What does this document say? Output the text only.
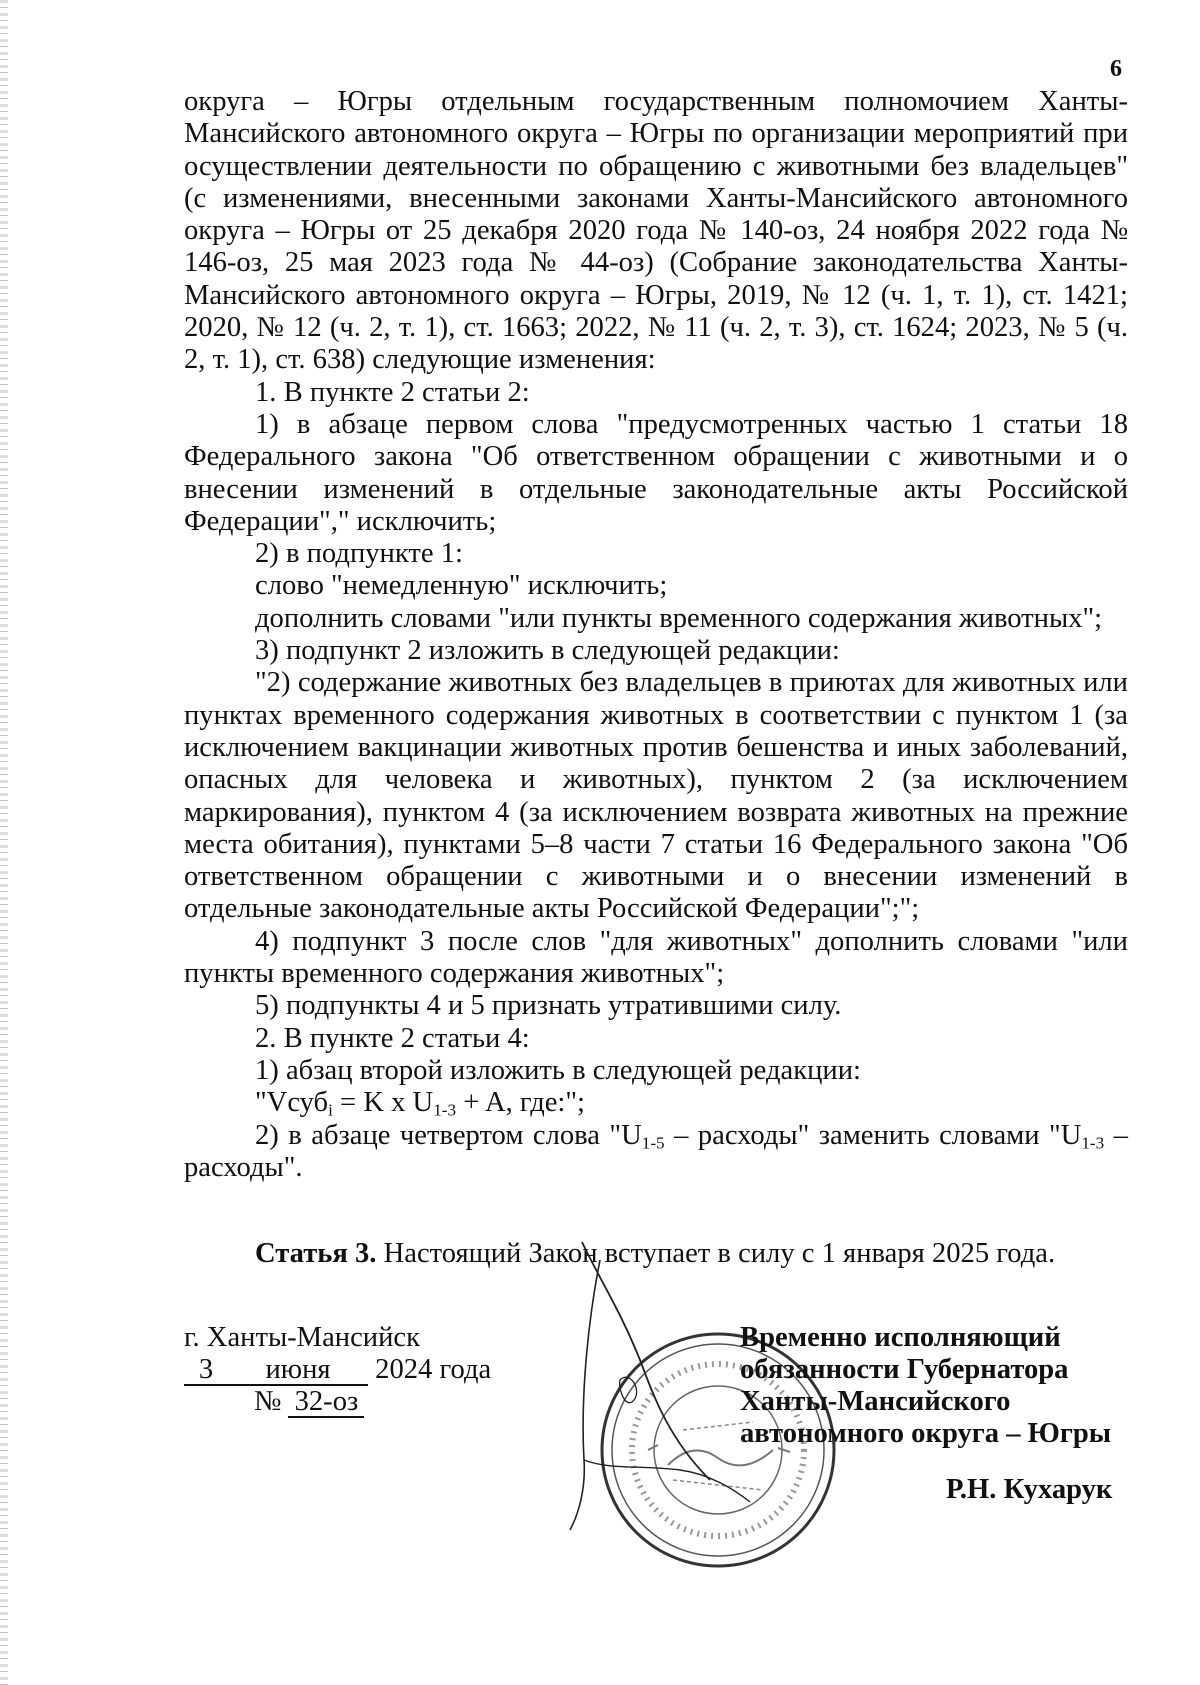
6

округа – Югры отдельным государственным полномочием Ханты-Мансийского автономного округа – Югры по организации мероприятий при осуществлении деятельности по обращению с животными без владельцев" (с изменениями, внесенными законами Ханты-Мансийского автономного округа – Югры от 25 декабря 2020 года № 140-оз, 24 ноября 2022 года № 146-оз, 25 мая 2023 года № 44-оз) (Собрание законодательства Ханты-Мансийского автономного округа – Югры, 2019, № 12 (ч. 1, т. 1), ст. 1421; 2020, № 12 (ч. 2, т. 1), ст. 1663; 2022, № 11 (ч. 2, т. 3), ст. 1624; 2023, № 5 (ч. 2, т. 1), ст. 638) следующие изменения:

1. В пункте 2 статьи 2:

1) в абзаце первом слова "предусмотренных частью 1 статьи 18 Федерального закона "Об ответственном обращении с животными и о внесении изменений в отдельные законодательные акты Российской Федерации"," исключить;

2) в подпункте 1:

слово "немедленную" исключить;

дополнить словами "или пункты временного содержания животных";

3) подпункт 2 изложить в следующей редакции:

"2) содержание животных без владельцев в приютах для животных или пунктах временного содержания животных в соответствии с пунктом 1 (за исключением вакцинации животных против бешенства и иных заболеваний, опасных для человека и животных), пунктом 2 (за исключением маркирования), пунктом 4 (за исключением возврата животных на прежние места обитания), пунктами 5–8 части 7 статьи 16 Федерального закона "Об ответственном обращении с животными и о внесении изменений в отдельные законодательные акты Российской Федерации";";

4) подпункт 3 после слов "для животных" дополнить словами "или пункты временного содержания животных";

5) подпункты 4 и 5 признать утратившими силу.

2. В пункте 2 статьи 4:

1) абзац второй изложить в следующей редакции:

"Vсуб$_i$ = K x $U_{1-3} + A$, где:";

2) в абзаце четвертом слова "$U_{1-5}$ – расходы" заменить словами "$U_{1-3}$ – расходы".

Статья 3. Настоящий Закон вступает в силу с 1 января 2025 года.
г. Ханты-Мансийск
3 июня 2024 года
№ 32-оз
Временно исполняющий
обязанности Губернатора
Ханты-Мансийского
автономного округа – Югры
Р.Н. Кухарук
